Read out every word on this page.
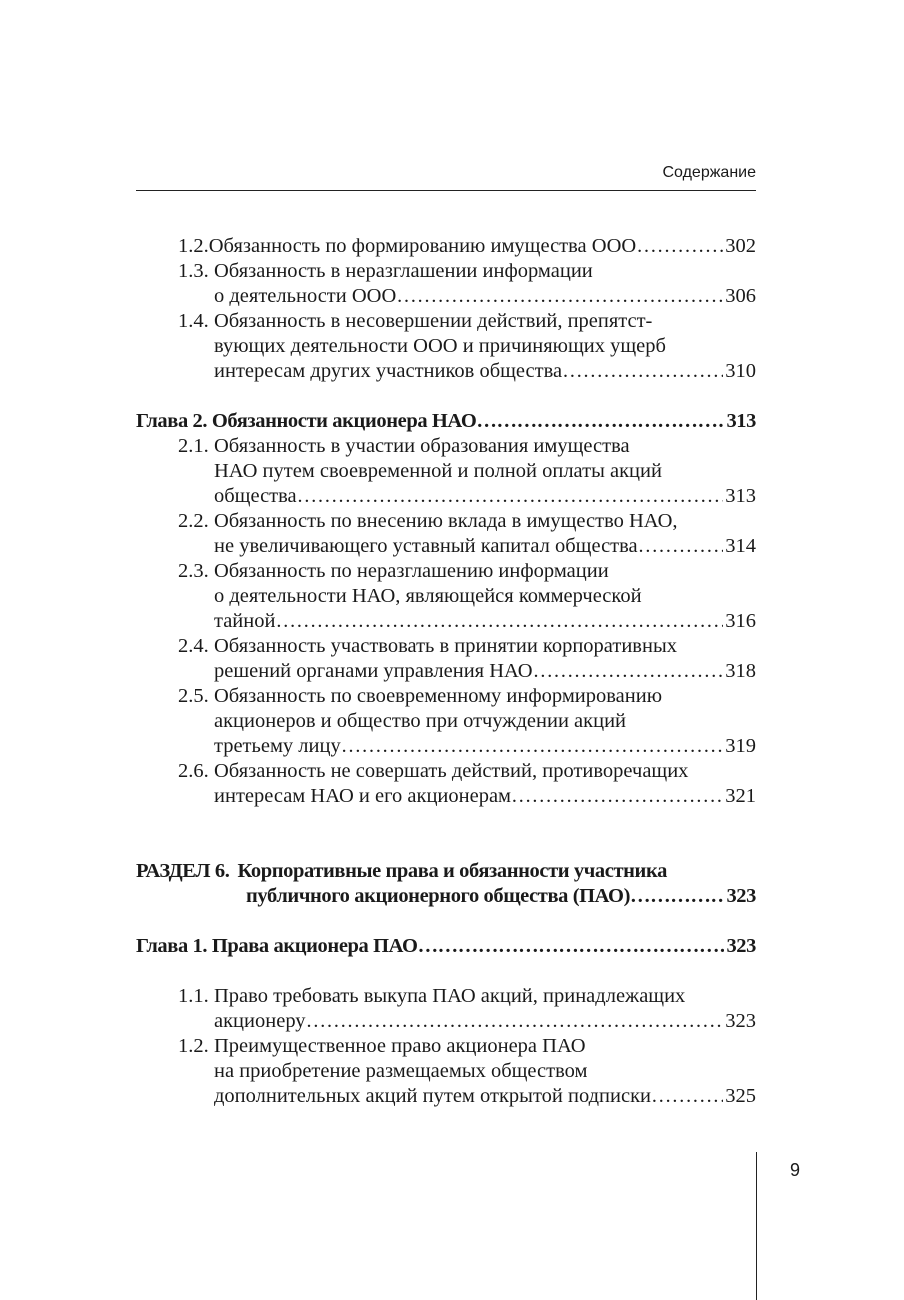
Содержание
1.2. Обязанность по формированию имущества ООО …………………………………………………………………………………………………………………………	302
1.3. Обязанность в неразглашении информации
о деятельности ООО …………………………………………………………………………………………………………………………	306
1.4. Обязанность в несовершении действий, препятст-
вующих деятельности ООО и причиняющих ущерб
интересам других участников общества …………………………………………………………………………………………………………………………	310
Глава 2. Обязанности акционера НАО …………………………………………………………………………………………………………………………	313
2.1. Обязанность в участии образования имущества
НАО путем своевременной и полной оплаты акций
общества …………………………………………………………………………………………………………………………	313
2.2. Обязанность по внесению вклада в имущество НАО,
не увеличивающего уставный капитал общества …………………………………………………………………………………………………………………………	314
2.3. Обязанность по неразглашению информации
о деятельности НАО, являющейся коммерческой
тайной …………………………………………………………………………………………………………………………	316
2.4. Обязанность участвовать в принятии корпоративных
решений органами управления НАО …………………………………………………………………………………………………………………………	318
2.5. Обязанность по своевременному информированию
акционеров и общество при отчуждении акций
третьему лицу …………………………………………………………………………………………………………………………	319
2.6. Обязанность не совершать действий, противоречащих
интересам НАО и его акционерам …………………………………………………………………………………………………………………………	321
РАЗДЕЛ 6. Корпоративные права и обязанности участника
публичного акционерного общества (ПАО) …………………………………………………………………………………………………………………………	323
Глава 1. Права акционера ПАО …………………………………………………………………………………………………………………………	323
1.1. Право требовать выкупа ПАО акций, принадлежащих
акционеру …………………………………………………………………………………………………………………………	323
1.2. Преимущественное право акционера ПАО
на приобретение размещаемых обществом
дополнительных акций путем открытой подписки …………………………………………………………………………………………………………………………	325
9
